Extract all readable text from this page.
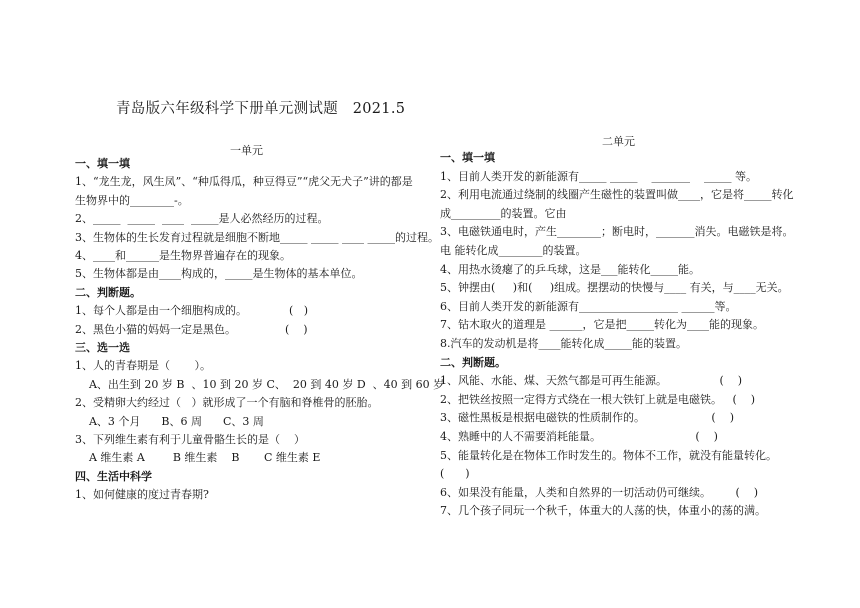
青岛版六年级科学下册单元测试题   2021.5
一单元
一、填一填
1、“龙生龙，风生凤”、“种瓜得瓜，种豆得豆”“虎父无犬子”讲的都是
生物界中的________-。
2、_____  _____  ____  _____是人必然经历的过程。
3、生物体的生长发育过程就是细胞不断地_____ _____ ____ _____的过程。
4、____和______是生物界普遍存在的现象。
5、生物体都是由____构成的，_____是生物体的基本单位。
二、判断题。
1、每个人都是由一个细胞构成的。            (   )
2、黑色小猫的妈妈一定是黑色。              (    )
三、选一选
1、人的青春期是（       ）。
A、出生到 20 岁 B  、10 到 20 岁 C、  20 到 40 岁 D  、40 到 60 岁
2、受精卵大约经过（   ）就形成了一个有脑和脊椎骨的胚胎。
A、3 个月      B、6 周      C、3 周
3、下列维生素有利于儿童骨骼生长的是（    ）
A 维生素 A        B 维生素    B       C 维生素 E
四、生活中科学
1、如何健康的度过青春期?
二单元
一、填一填
1、目前人类开发的新能源有_____ _____    _______    _____ 等。
2、利用电流通过绕制的线圈产生磁性的装置叫做____，它是将_____转化
成_________的装置。它由
3、电磁铁通电时，产生________；断电时，_______消失。电磁铁是将。
电 能转化成________的装置。
4、用热水烫瘪了的乒乓球，这是___能转化_____能。
5、钟摆由(     )和(     )组成。摆摆动的快慢与____ 有关，与____无关。
6、目前人类开发的新能源有__________________ ______等。
7、钻木取火的道理是 ______，它是把_____转化为____能的现象。
8.汽车的发动机是将____能转化成_____能的装置。
二、判断题。
1、风能、水能、煤、天然气都是可再生能源。               (    )
2、把铁丝按照一定得方式绕在一根大铁钉上就是电磁铁。   (    )
3、磁性黑板是根据电磁铁的性质制作的。                   (    )
4、熟睡中的人不需要消耗能量。                           (    )
5、能量转化是在物体工作时发生的。物体不工作，就没有能量转化。
(      )
6、如果没有能量，人类和自然界的一切活动仍可继续。       (    )
7、几个孩子同玩一个秋千，体重大的人荡的快，体重小的荡的满。
